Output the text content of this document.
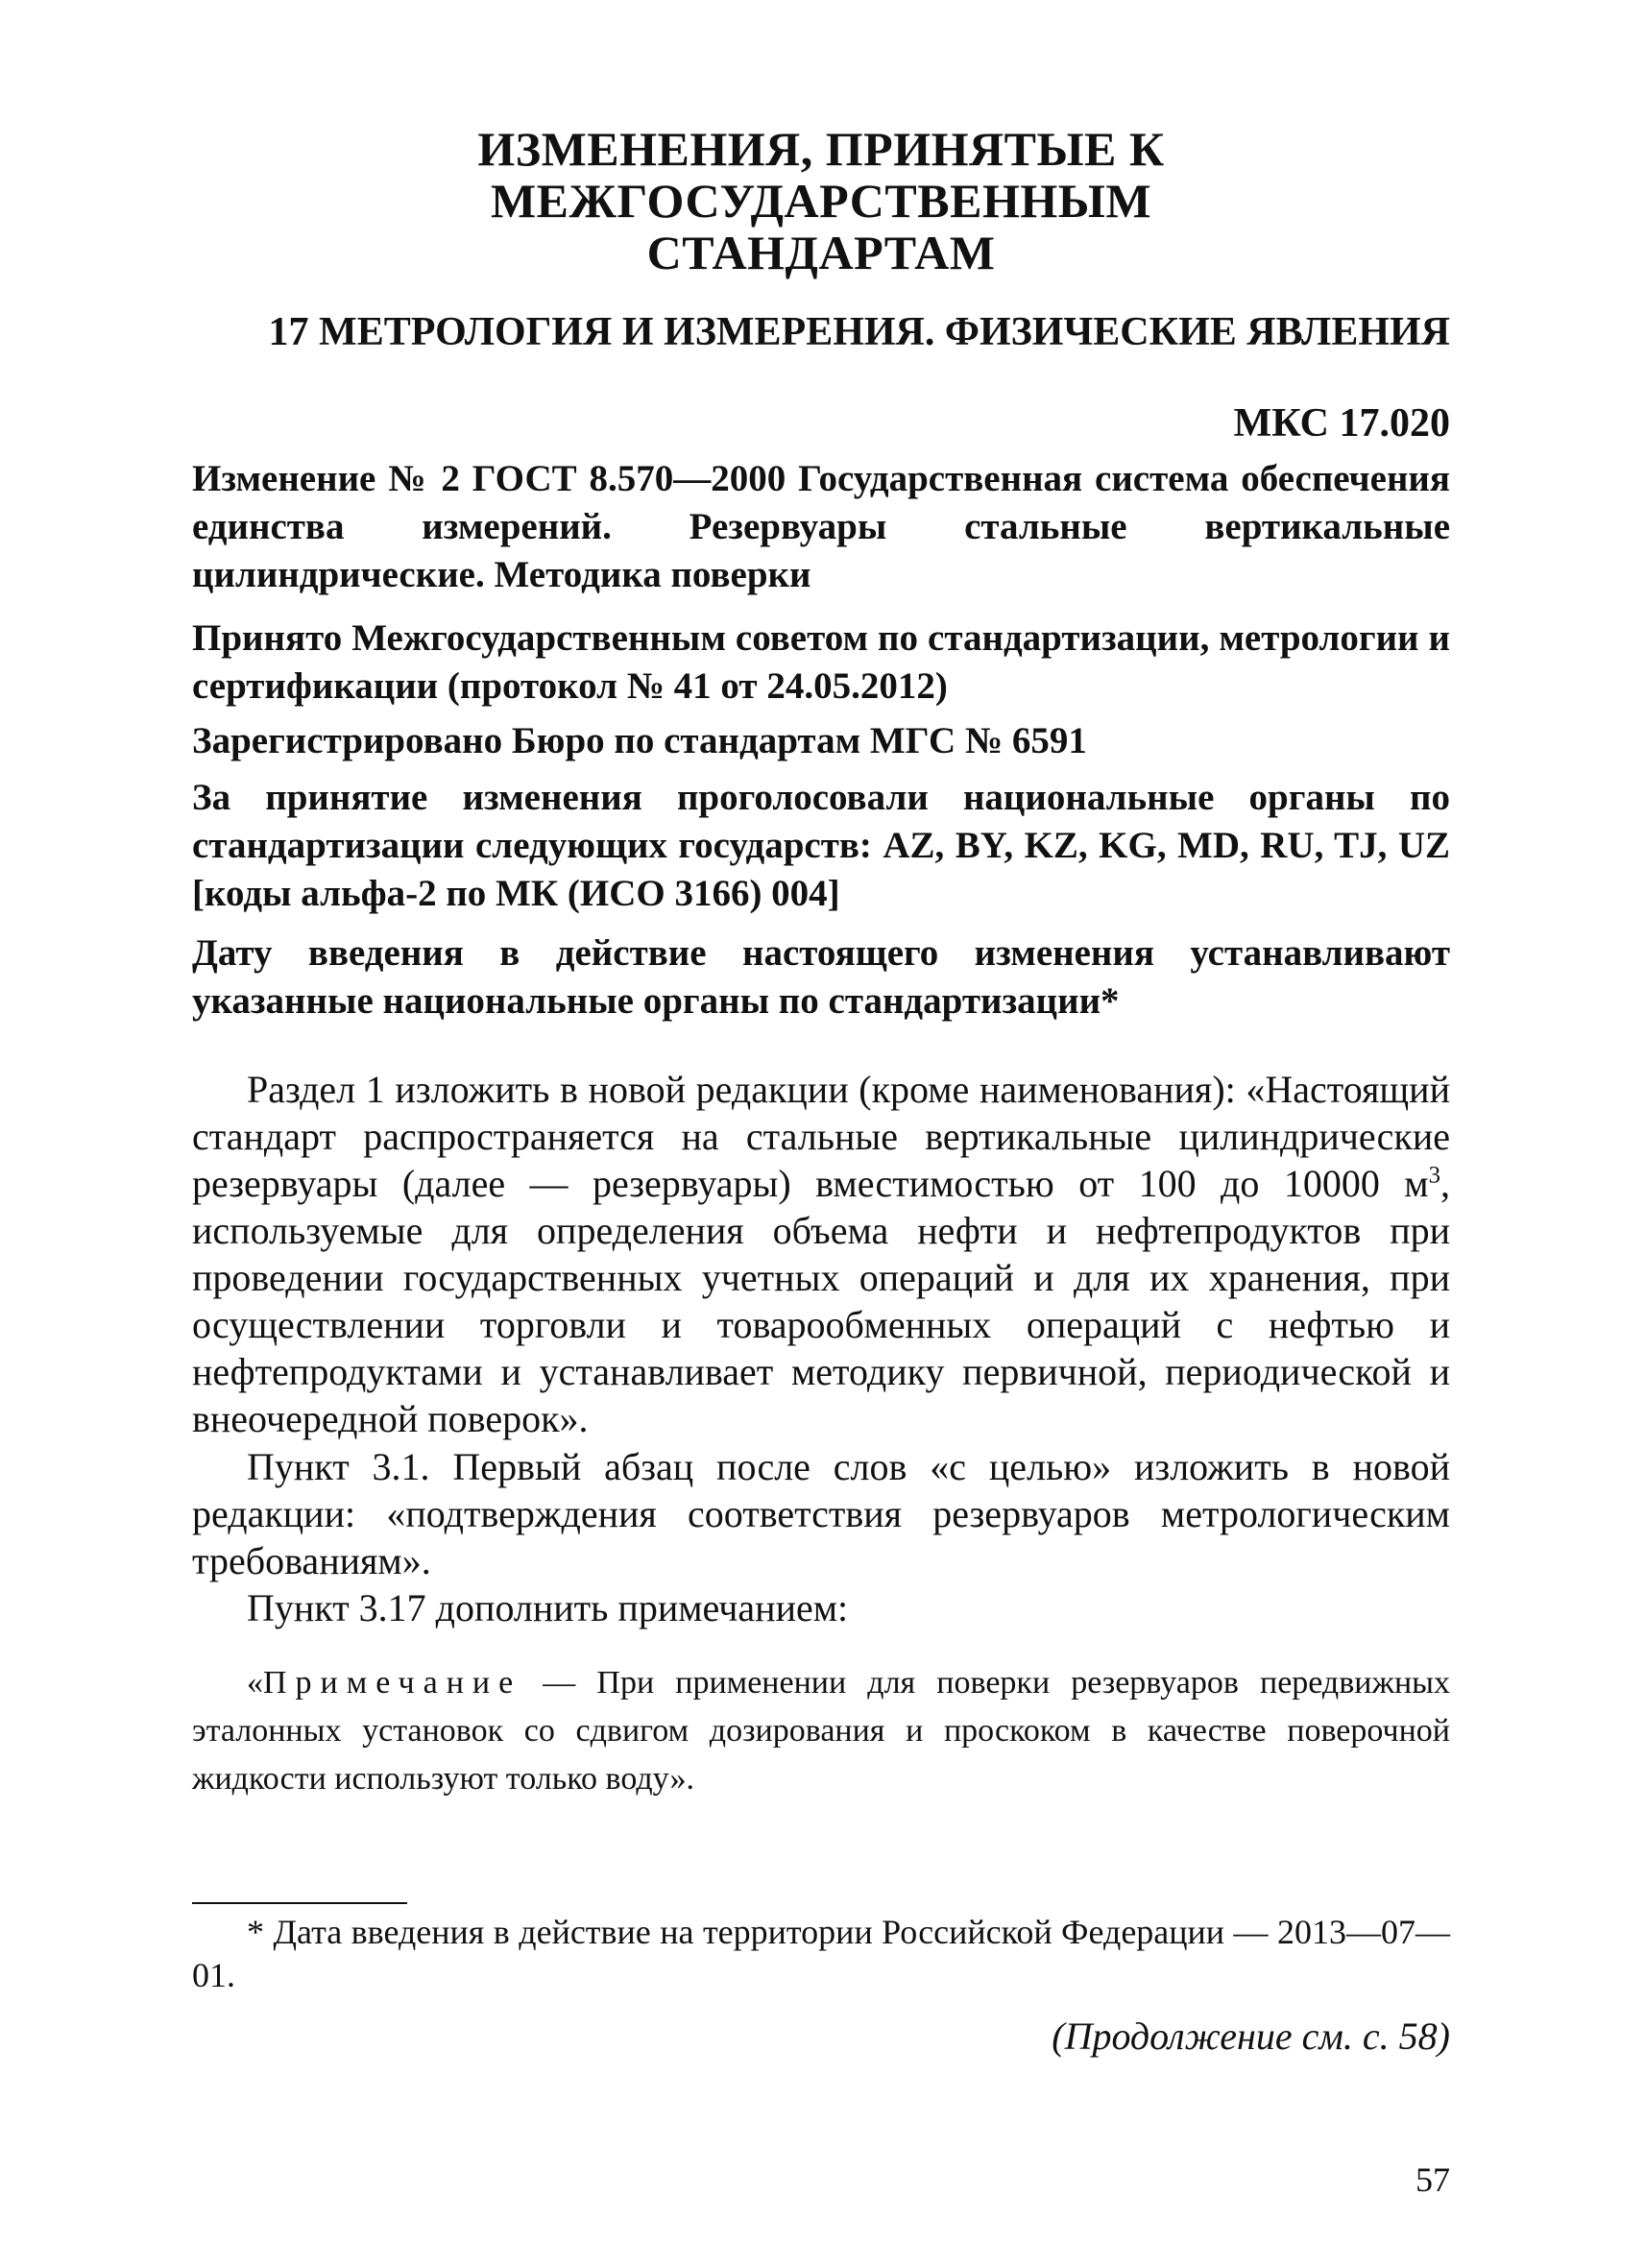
ИЗМЕНЕНИЯ, ПРИНЯТЫЕ К МЕЖГОСУДАРСТВЕННЫМ
СТАНДАРТАМ
17 МЕТРОЛОГИЯ И ИЗМЕРЕНИЯ. ФИЗИЧЕСКИЕ ЯВЛЕНИЯ
МКС 17.020
Изменение № 2 ГОСТ 8.570—2000 Государственная система обеспечения единства измерений. Резервуары стальные вертикальные цилиндрические. Методика поверки
Принято Межгосударственным советом по стандартизации, метрологии и сертификации (протокол № 41 от 24.05.2012)
Зарегистрировано Бюро по стандартам МГС № 6591
За принятие изменения проголосовали национальные органы по стандартизации следующих государств: AZ, BY, KZ, KG, MD, RU, TJ, UZ [коды альфа-2 по МК (ИСО 3166) 004]
Дату введения в действие настоящего изменения устанавливают указанные национальные органы по стандартизации*

Раздел 1 изложить в новой редакции (кроме наименования): «Настоящий стандарт распространяется на стальные вертикальные цилиндрические резервуары (далее — резервуары) вместимостью от 100 до 10000 $м^3$, используемые для определения объема нефти и нефтепродуктов при проведении государственных учетных операций и для их хранения, при осуществлении торговли и товарообменных операций с нефтью и нефтепродуктами и устанавливает методику первичной, периодической и внеочередной поверок».

Пункт 3.1. Первый абзац после слов «с целью» изложить в новой редакции: «подтверждения соответствия резервуаров метрологическим требованиям».

Пункт 3.17 дополнить примечанием:

«Примечание — При применении для поверки резервуаров передвижных эталонных установок со сдвигом дозирования и проскоком в качестве поверочной жидкости используют только воду».

* Дата введения в действие на территории Российской Федерации — 2013—07—01.

(Продолжение см. с. 58)
57
